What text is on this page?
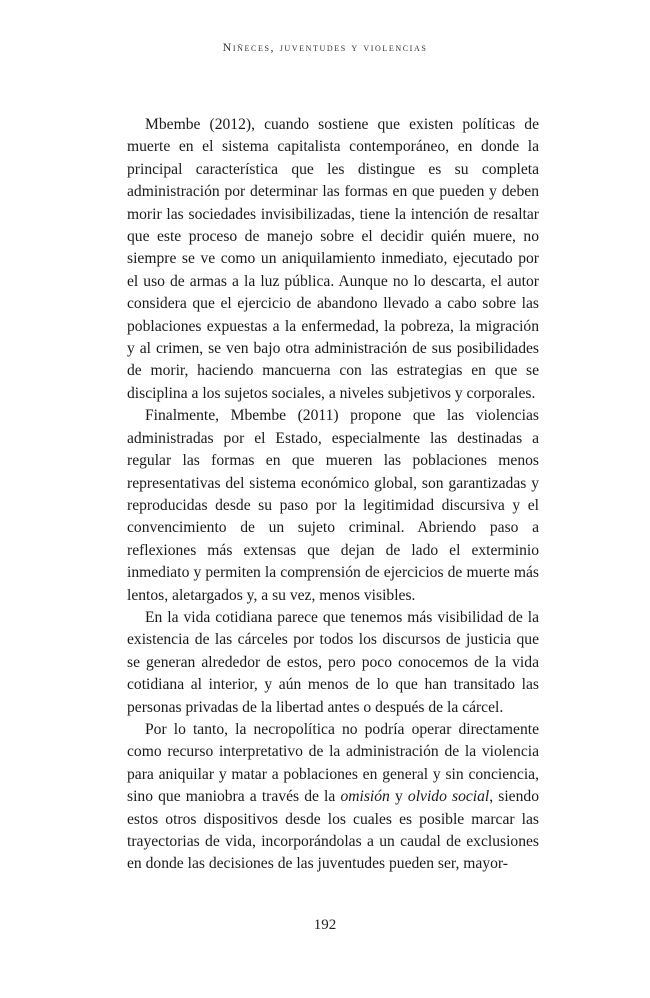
Niñeces, juventudes y violencias

Mbembe (2012), cuando sostiene que existen políticas de muerte en el sistema capitalista contemporáneo, en donde la principal característica que les distingue es su completa administración por determinar las formas en que pueden y deben morir las sociedades invisibilizadas, tiene la intención de resaltar que este proceso de manejo sobre el decidir quién muere, no siempre se ve como un aniquilamiento inmediato, ejecutado por el uso de armas a la luz pública. Aunque no lo descarta, el autor considera que el ejercicio de abandono llevado a cabo sobre las poblaciones expuestas a la enfermedad, la pobreza, la migración y al crimen, se ven bajo otra administración de sus posibilidades de morir, haciendo mancuerna con las estrategias en que se disciplina a los sujetos sociales, a niveles subjetivos y corporales.

Finalmente, Mbembe (2011) propone que las violencias administradas por el Estado, especialmente las destinadas a regular las formas en que mueren las poblaciones menos representativas del sistema económico global, son garantizadas y reproducidas desde su paso por la legitimidad discursiva y el convencimiento de un sujeto criminal. Abriendo paso a reflexiones más extensas que dejan de lado el exterminio inmediato y permiten la comprensión de ejercicios de muerte más lentos, aletargados y, a su vez, menos visibles.

En la vida cotidiana parece que tenemos más visibilidad de la existencia de las cárceles por todos los discursos de justicia que se generan alrededor de estos, pero poco conocemos de la vida cotidiana al interior, y aún menos de lo que han transitado las personas privadas de la libertad antes o después de la cárcel.

Por lo tanto, la necropolítica no podría operar directamente como recurso interpretativo de la administración de la violencia para aniquilar y matar a poblaciones en general y sin conciencia, sino que maniobra a través de la omisión y olvido social, siendo estos otros dispositivos desde los cuales es posible marcar las trayectorias de vida, incorporándolas a un caudal de exclusiones en donde las decisiones de las juventudes pueden ser, mayor-

192
